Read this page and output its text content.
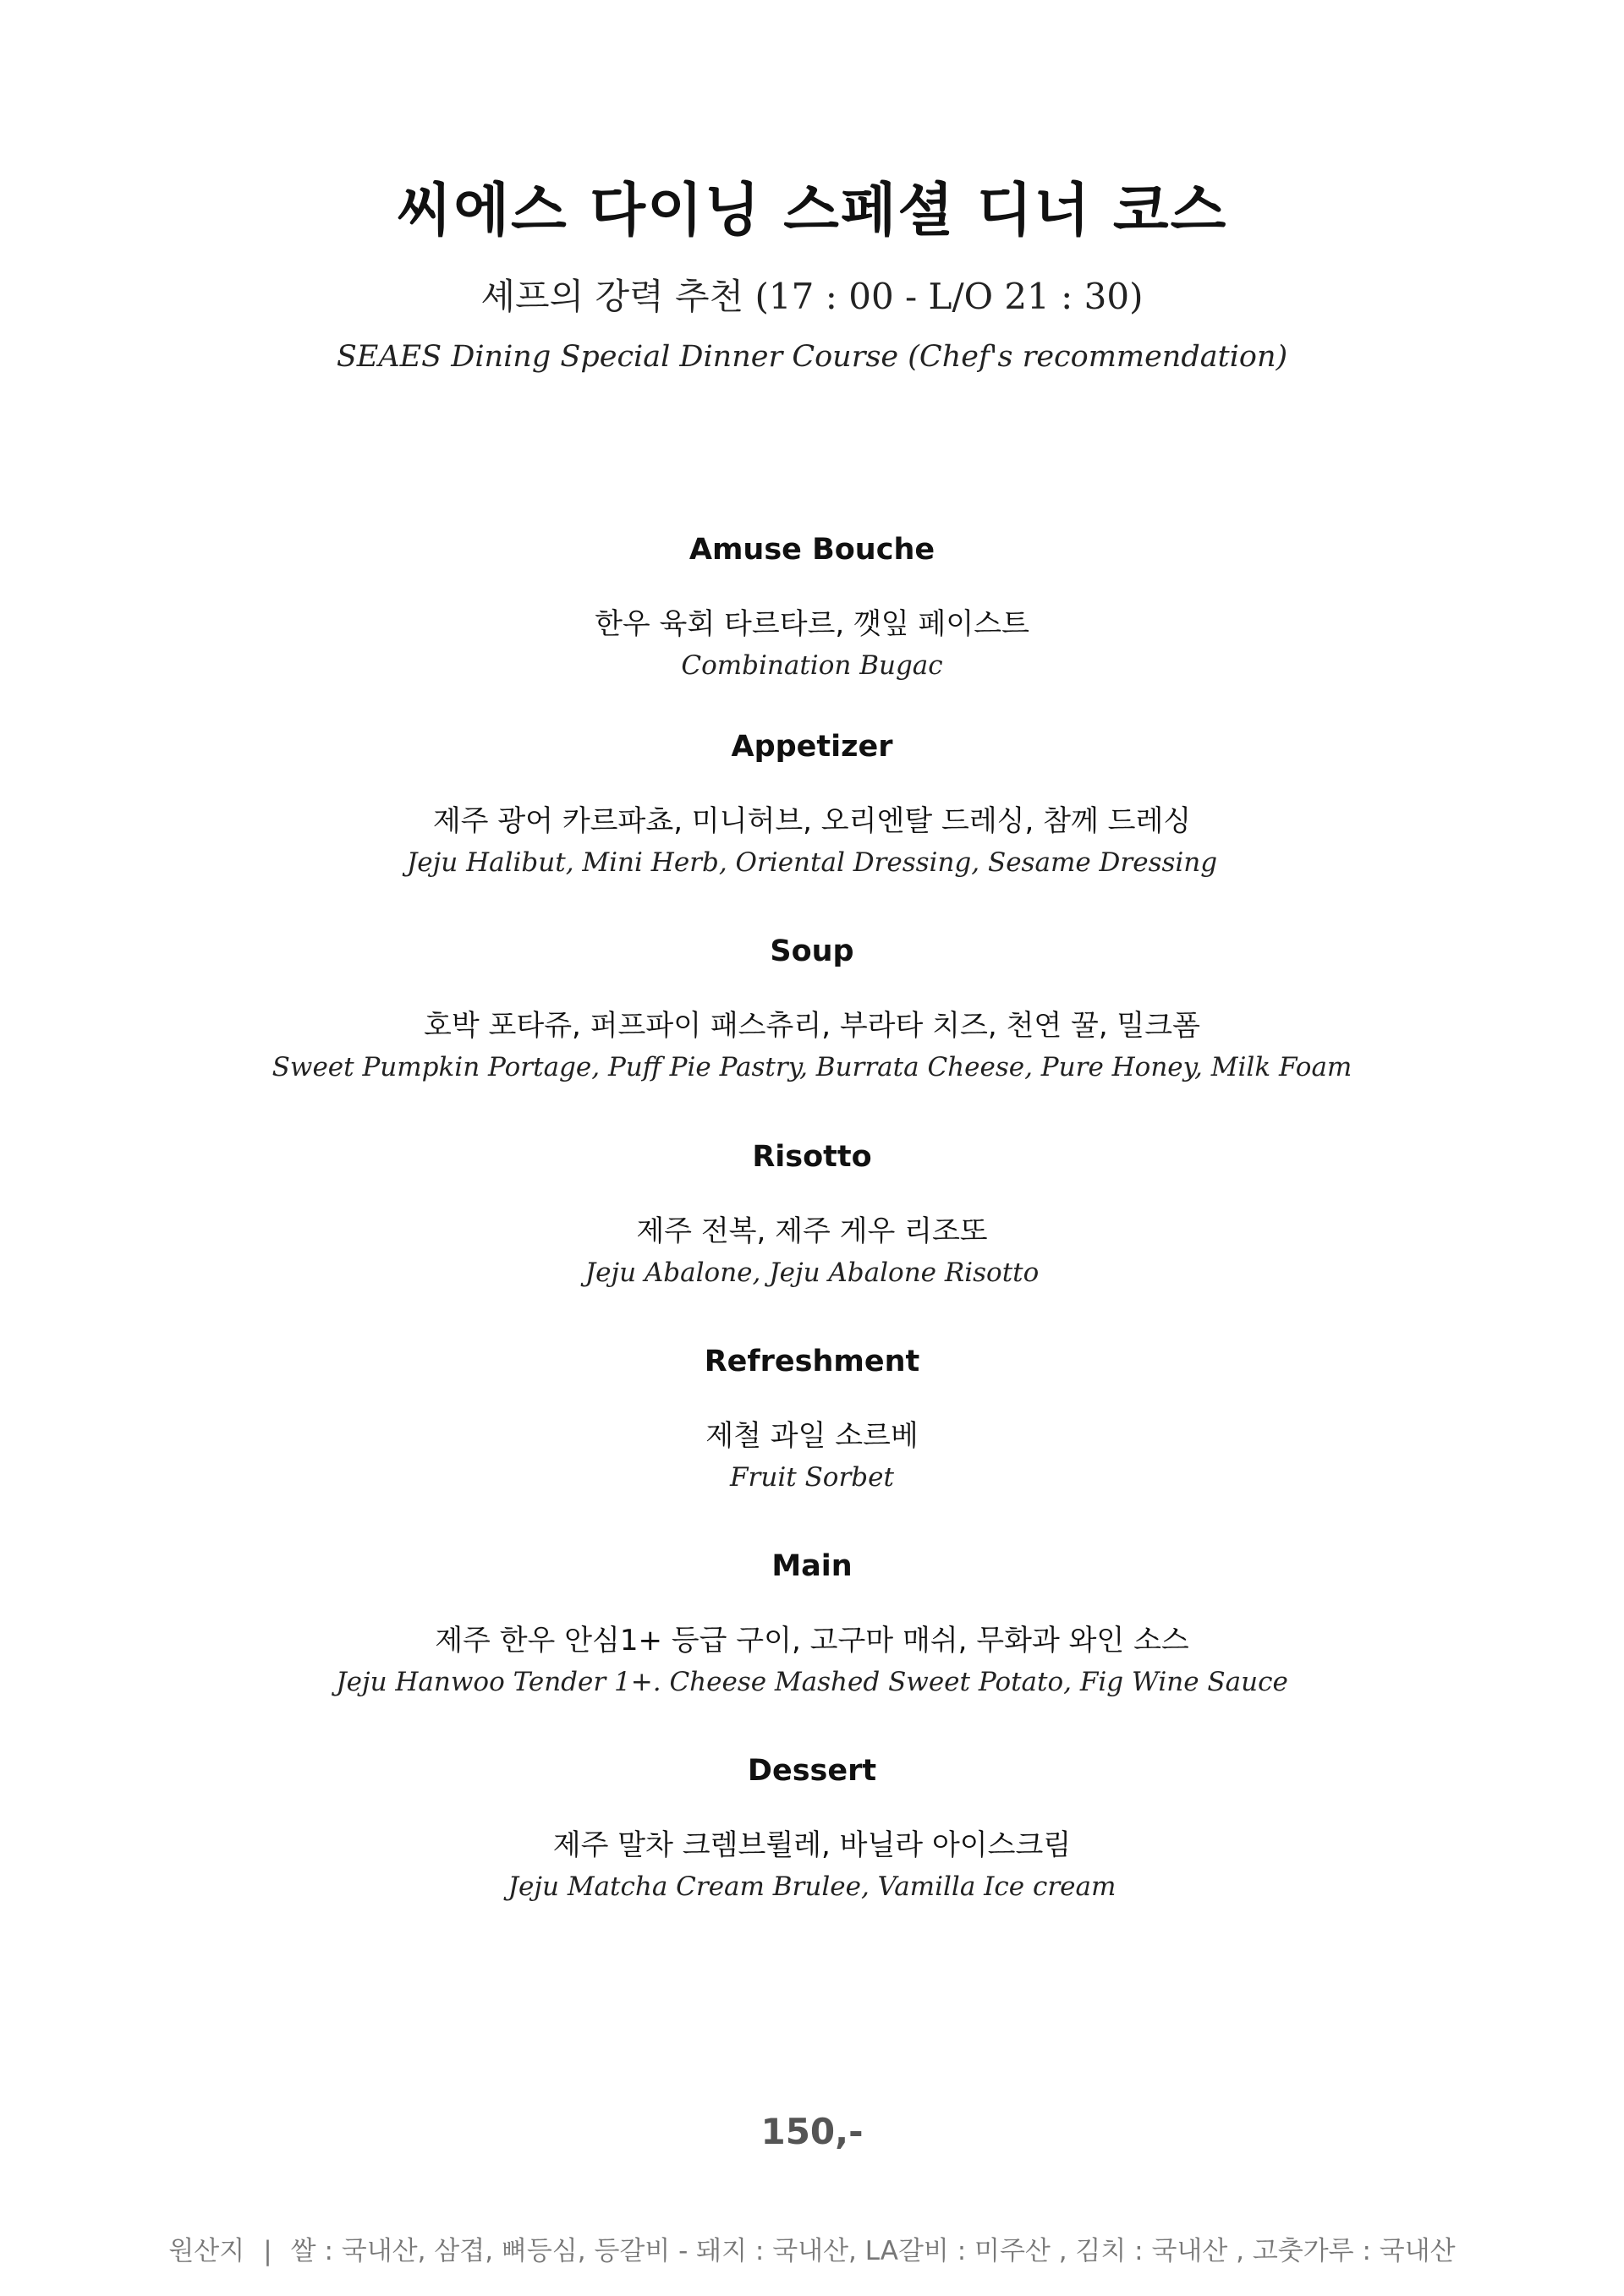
씨에스 다이닝 스페셜 디너 코스
셰프의 강력 추천 (17 : 00 - L/O 21 : 30)
SEAES Dining Special Dinner Course (Chef's recommendation)
Amuse Bouche
한우 육회 타르타르, 깻잎 페이스트
Combination Bugac
Appetizer
제주 광어 카르파쵸, 미니허브, 오리엔탈 드레싱, 참께 드레싱
Jeju Halibut, Mini Herb, Oriental Dressing, Sesame Dressing
Soup
호박 포타쥬, 퍼프파이 패스츄리, 부라타 치즈, 천연 꿀, 밀크폼
Sweet Pumpkin Portage, Puff Pie Pastry, Burrata Cheese, Pure Honey, Milk Foam
Risotto
제주 전복, 제주 게우 리조또
Jeju Abalone, Jeju Abalone Risotto
Refreshment
제철 과일 소르베
Fruit Sorbet
Main
제주 한우 안심1+ 등급 구이, 고구마 매쉬, 무화과 와인 소스
Jeju Hanwoo Tender 1+. Cheese Mashed Sweet Potato, Fig Wine Sauce
Dessert
제주 말차 크렘브륄레, 바닐라 아이스크림
Jeju Matcha Cream Brulee, Vamilla Ice cream
150,-
원산지 | 쌀 : 국내산, 삼겹, 뼈등심, 등갈비 - 돼지 : 국내산, LA갈비 : 미주산 , 김치 : 국내산 , 고춧가루 : 국내산
